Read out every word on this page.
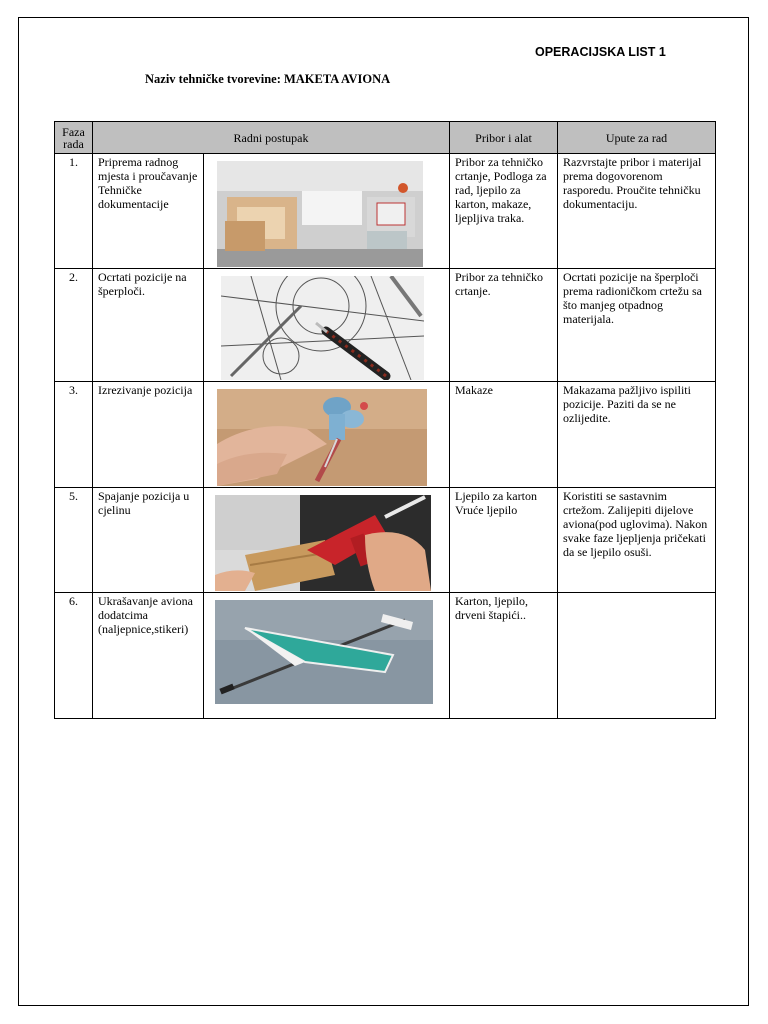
OPERACIJSKA LIST 1
Naziv tehničke tvorevine: MAKETA AVIONA
Faza
rada	Radni postupak		Pribor i alat	Upute za rad
1.	Priprema radnog mjesta i proučavanje Tehničke dokumentacije		Pribor za tehničko crtanje, Podloga za rad, ljepilo za karton, makaze, ljepljiva traka.	Razvrstajte pribor i materijal prema dogovorenom rasporedu. Proučite tehničku dokumentaciju.
2.	Ocrtati pozicije na šperploči.		Pribor za tehničko crtanje.	Ocrtati pozicije na šperploči prema radioničkom crtežu sa što manjeg otpadnog materijala.
3.	Izrezivanje pozicija		Makaze	Makazama pažljivo ispiliti pozicije. Paziti da se ne ozlijedite.
5.	Spajanje pozicija u cjelinu		Ljepilo za karton Vruće ljepilo	Koristiti se sastavnim crtežom. Zalijepiti dijelove aviona(pod uglovima). Nakon svake faze ljepljenja pričekati da se ljepilo osuši.
6.	Ukrašavanje aviona dodatcima (naljepnice,stikeri)		Karton, ljepilo, drveni štapići..	
